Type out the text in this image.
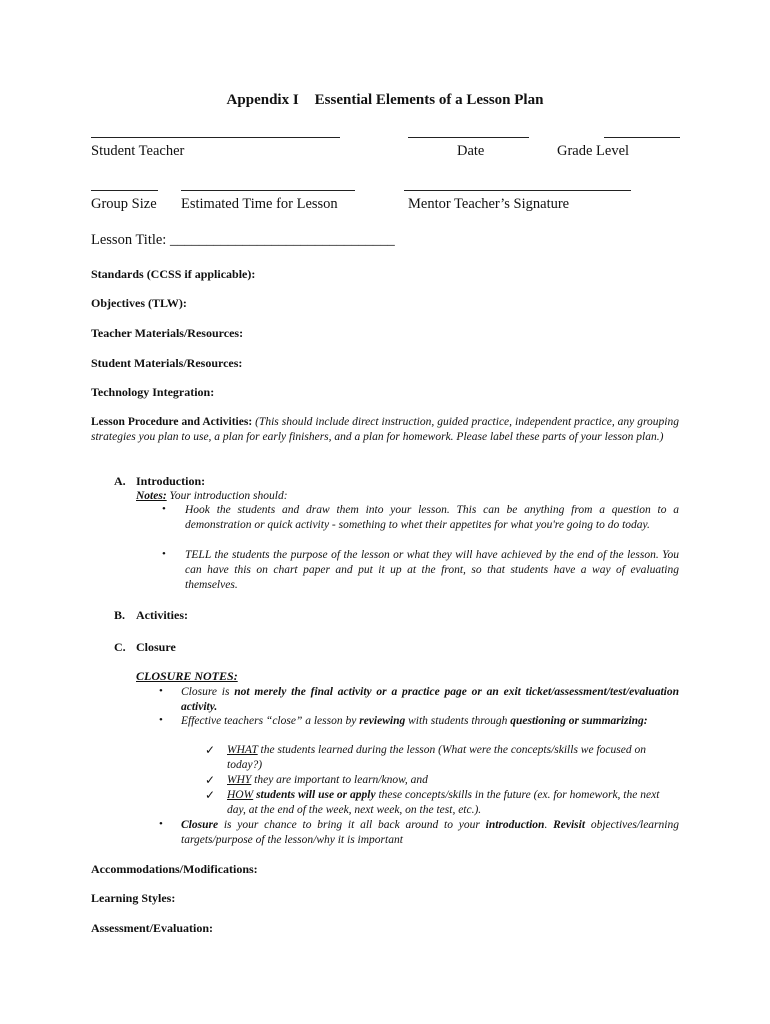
Appendix I Essential Elements of a Lesson Plan
Student Teacher	Date	Grade Level
Group Size Estimated Time for Lesson	Mentor Teacher’s Signature
Lesson Title: _______________________________
Standards (CCSS if applicable):
Objectives (TLW):
Teacher Materials/Resources:
Student Materials/Resources:
Technology Integration:
Lesson Procedure and Activities: (This should include direct instruction, guided practice, independent practice, any grouping strategies you plan to use, a plan for early finishers, and a plan for homework. Please label these parts of your lesson plan.)
A. Introduction:
Notes: Your introduction should:
• Hook the students and draw them into your lesson. This can be anything from a question to a demonstration or quick activity - something to whet their appetites for what you're going to do today.
• TELL the students the purpose of the lesson or what they will have achieved by the end of the lesson. You can have this on chart paper and put it up at the front, so that students have a way of evaluating themselves.
B. Activities:
C. Closure
CLOSURE NOTES:
• Closure is not merely the final activity or a practice page or an exit ticket/assessment/test/evaluation activity.
• Effective teachers “close” a lesson by reviewing with students through questioning or summarizing:
✓ WHAT the students learned during the lesson (What were the concepts/skills we focused on today?)
✓ WHY they are important to learn/know, and
✓ HOW students will use or apply these concepts/skills in the future (ex. for homework, the next day, at the end of the week, next week, on the test, etc.).
• Closure is your chance to bring it all back around to your introduction. Revisit objectives/learning targets/purpose of the lesson/why it is important
Accommodations/Modifications:
Learning Styles:
Assessment/Evaluation:
